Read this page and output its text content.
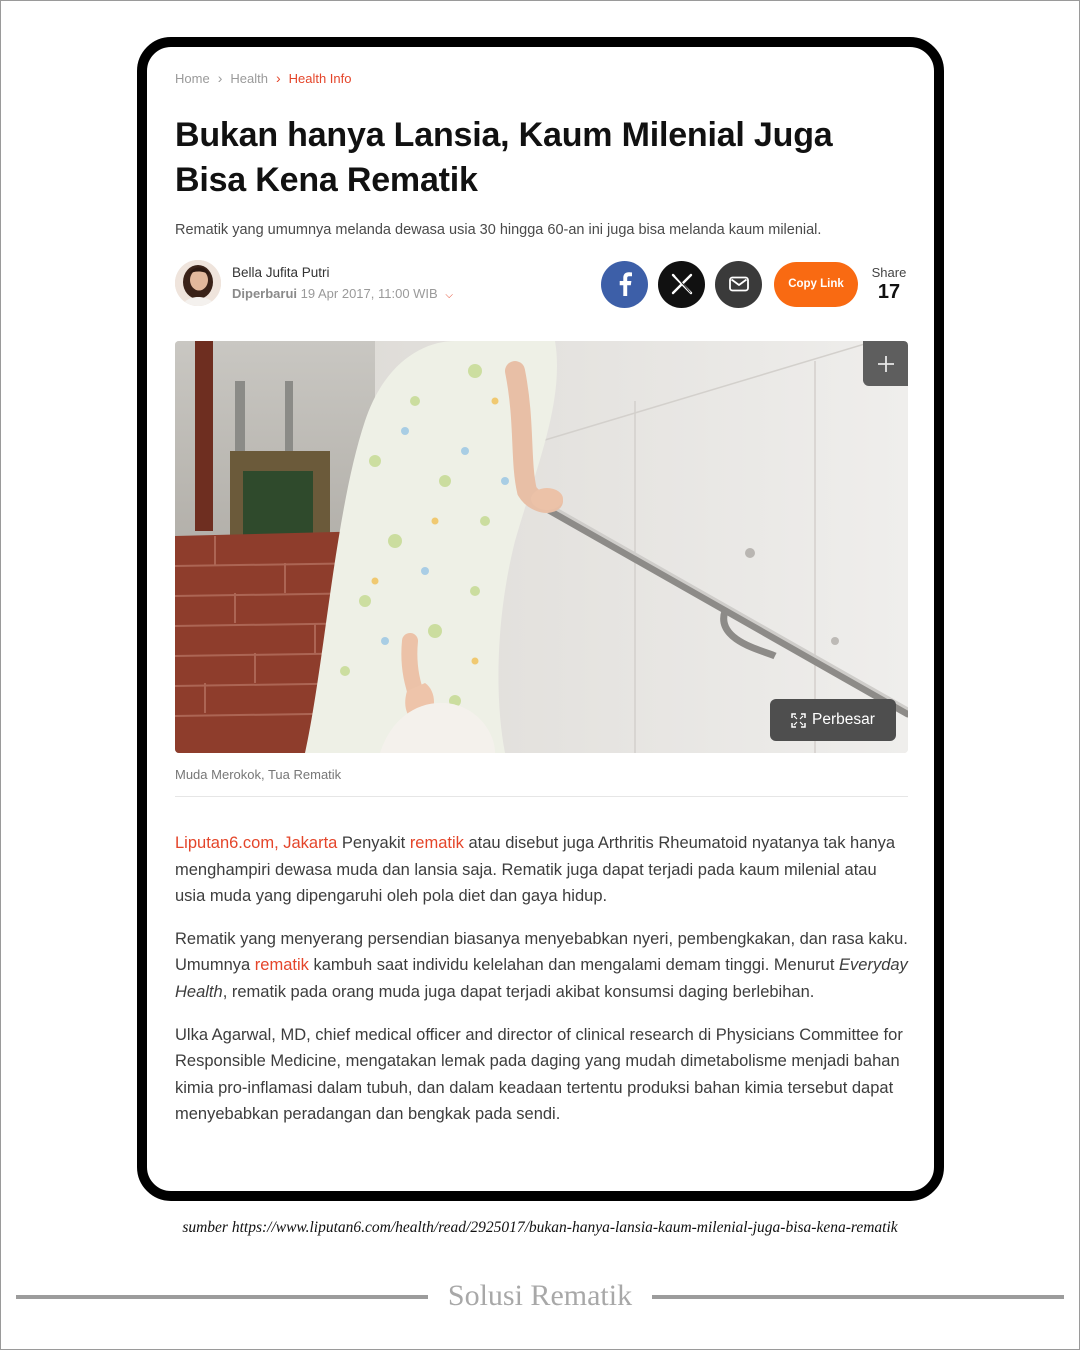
Home › Health › Health Info
Bukan hanya Lansia, Kaum Milenial Juga Bisa Kena Rematik

Rematik yang umumnya melanda dewasa usia 30 hingga 60-an ini juga bisa melanda kaum milenial.

Bella Jufita Putri
Diperbarui 19 Apr 2017, 11:00 WIB ⌵
Copy Link
Share
17
Perbesar
Muda Merokok, Tua Rematik

Liputan6.com, Jakarta Penyakit rematik atau disebut juga Arthritis Rheumatoid nyatanya tak hanya menghampiri dewasa muda dan lansia saja. Rematik juga dapat terjadi pada kaum milenial atau usia muda yang dipengaruhi oleh pola diet dan gaya hidup.

Rematik yang menyerang persendian biasanya menyebabkan nyeri, pembengkakan, dan rasa kaku. Umumnya rematik kambuh saat individu kelelahan dan mengalami demam tinggi. Menurut Everyday Health, rematik pada orang muda juga dapat terjadi akibat konsumsi daging berlebihan.

Ulka Agarwal, MD, chief medical officer and director of clinical research di Physicians Committee for Responsible Medicine, mengatakan lemak pada daging yang mudah dimetabolisme menjadi bahan kimia pro-inflamasi dalam tubuh, dan dalam keadaan tertentu produksi bahan kimia tersebut dapat menyebabkan peradangan dan bengkak pada sendi.

sumber https://www.liputan6.com/health/read/2925017/bukan-hanya-lansia-kaum-milenial-juga-bisa-kena-rematik
Solusi Rematik
